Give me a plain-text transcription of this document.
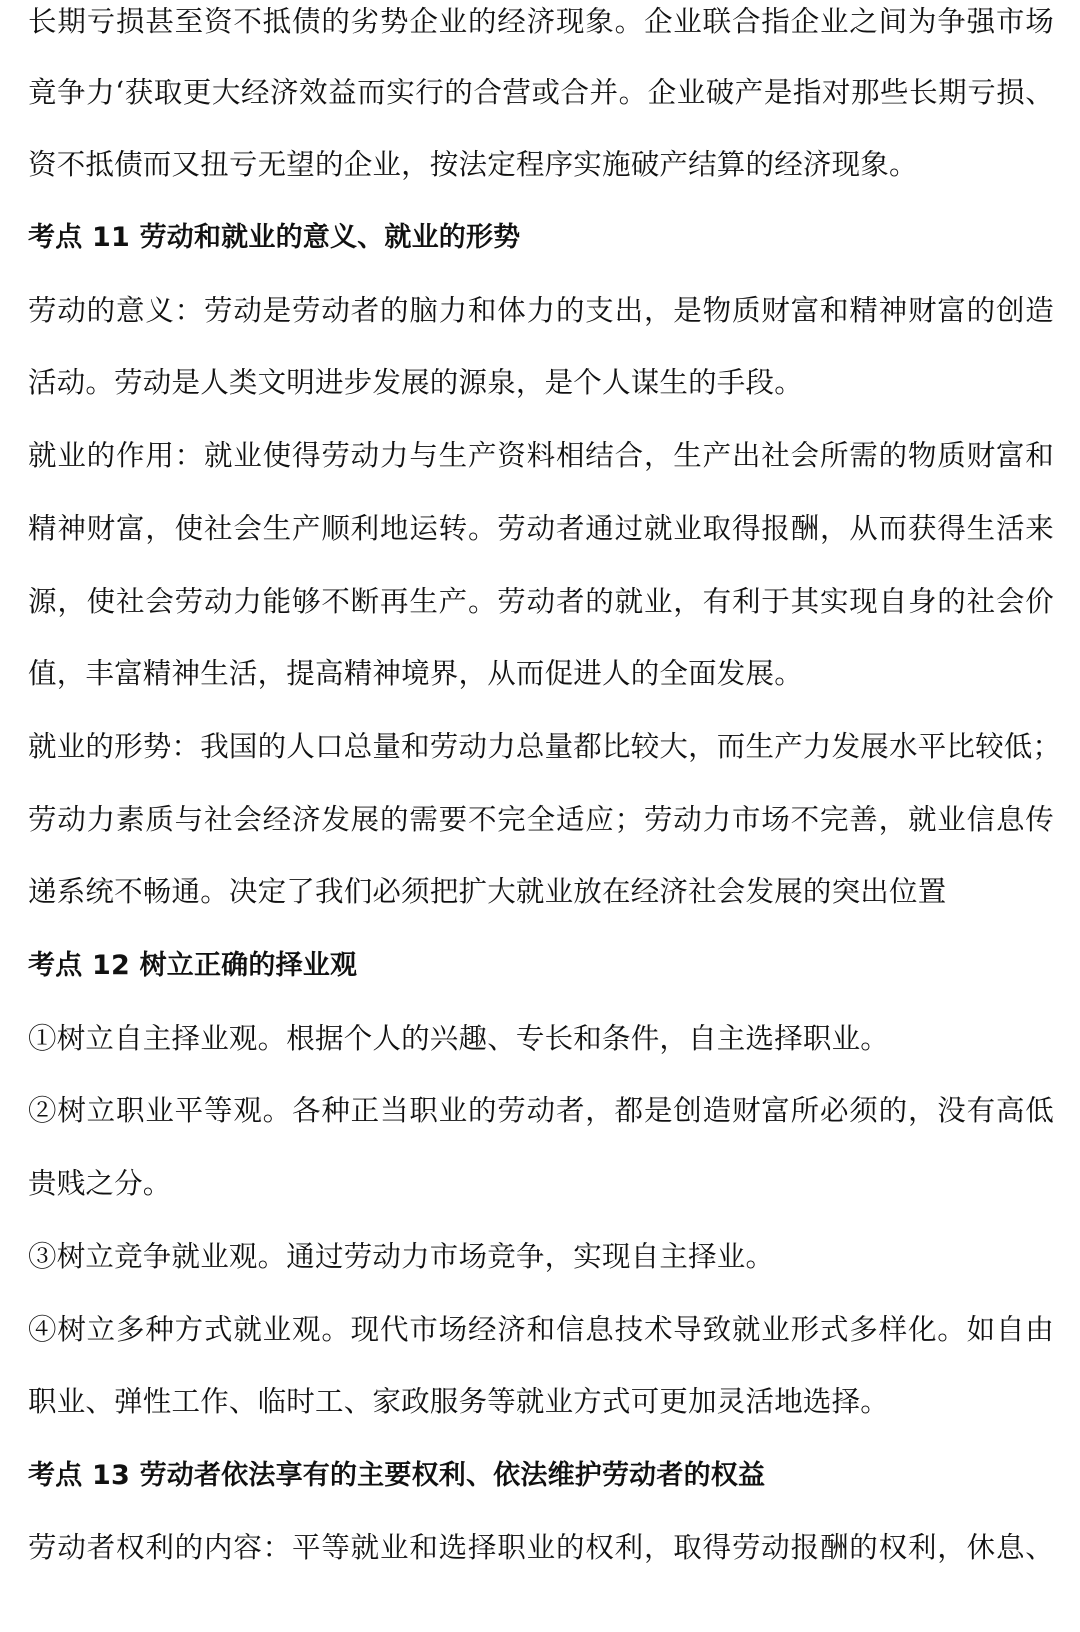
长期亏损甚至资不抵债的劣势企业的经济现象。企业联合指企业之间为争强市场
竟争力‘获取更大经济效益而实行的合营或合并。企业破产是指对那些长期亏损、
资不抵债而又扭亏无望的企业，按法定程序实施破产结算的经济现象。
考点 11 劳动和就业的意义、就业的形势
劳动的意义：劳动是劳动者的脑力和体力的支出，是物质财富和精神财富的创造
活动。劳动是人类文明进步发展的源泉，是个人谋生的手段。
就业的作用：就业使得劳动力与生产资料相结合，生产出社会所需的物质财富和
精神财富，使社会生产顺利地运转。劳动者通过就业取得报酬，从而获得生活来
源，使社会劳动力能够不断再生产。劳动者的就业，有利于其实现自身的社会价
值，丰富精神生活，提高精神境界，从而促进人的全面发展。
就业的形势：我国的人口总量和劳动力总量都比较大，而生产力发展水平比较低；
劳动力素质与社会经济发展的需要不完全适应；劳动力市场不完善，就业信息传
递系统不畅通。决定了我们必须把扩大就业放在经济社会发展的突出位置
考点 12 树立正确的择业观
①树立自主择业观。根据个人的兴趣、专长和条件，自主选择职业。
②树立职业平等观。各种正当职业的劳动者，都是创造财富所必须的，没有高低
贵贱之分。
③树立竞争就业观。通过劳动力市场竞争，实现自主择业。
④树立多种方式就业观。现代市场经济和信息技术导致就业形式多样化。如自由
职业、弹性工作、临时工、家政服务等就业方式可更加灵活地选择。
考点 13 劳动者依法享有的主要权利、依法维护劳动者的权益
劳动者权利的内容：平等就业和选择职业的权利，取得劳动报酬的权利，休息、
